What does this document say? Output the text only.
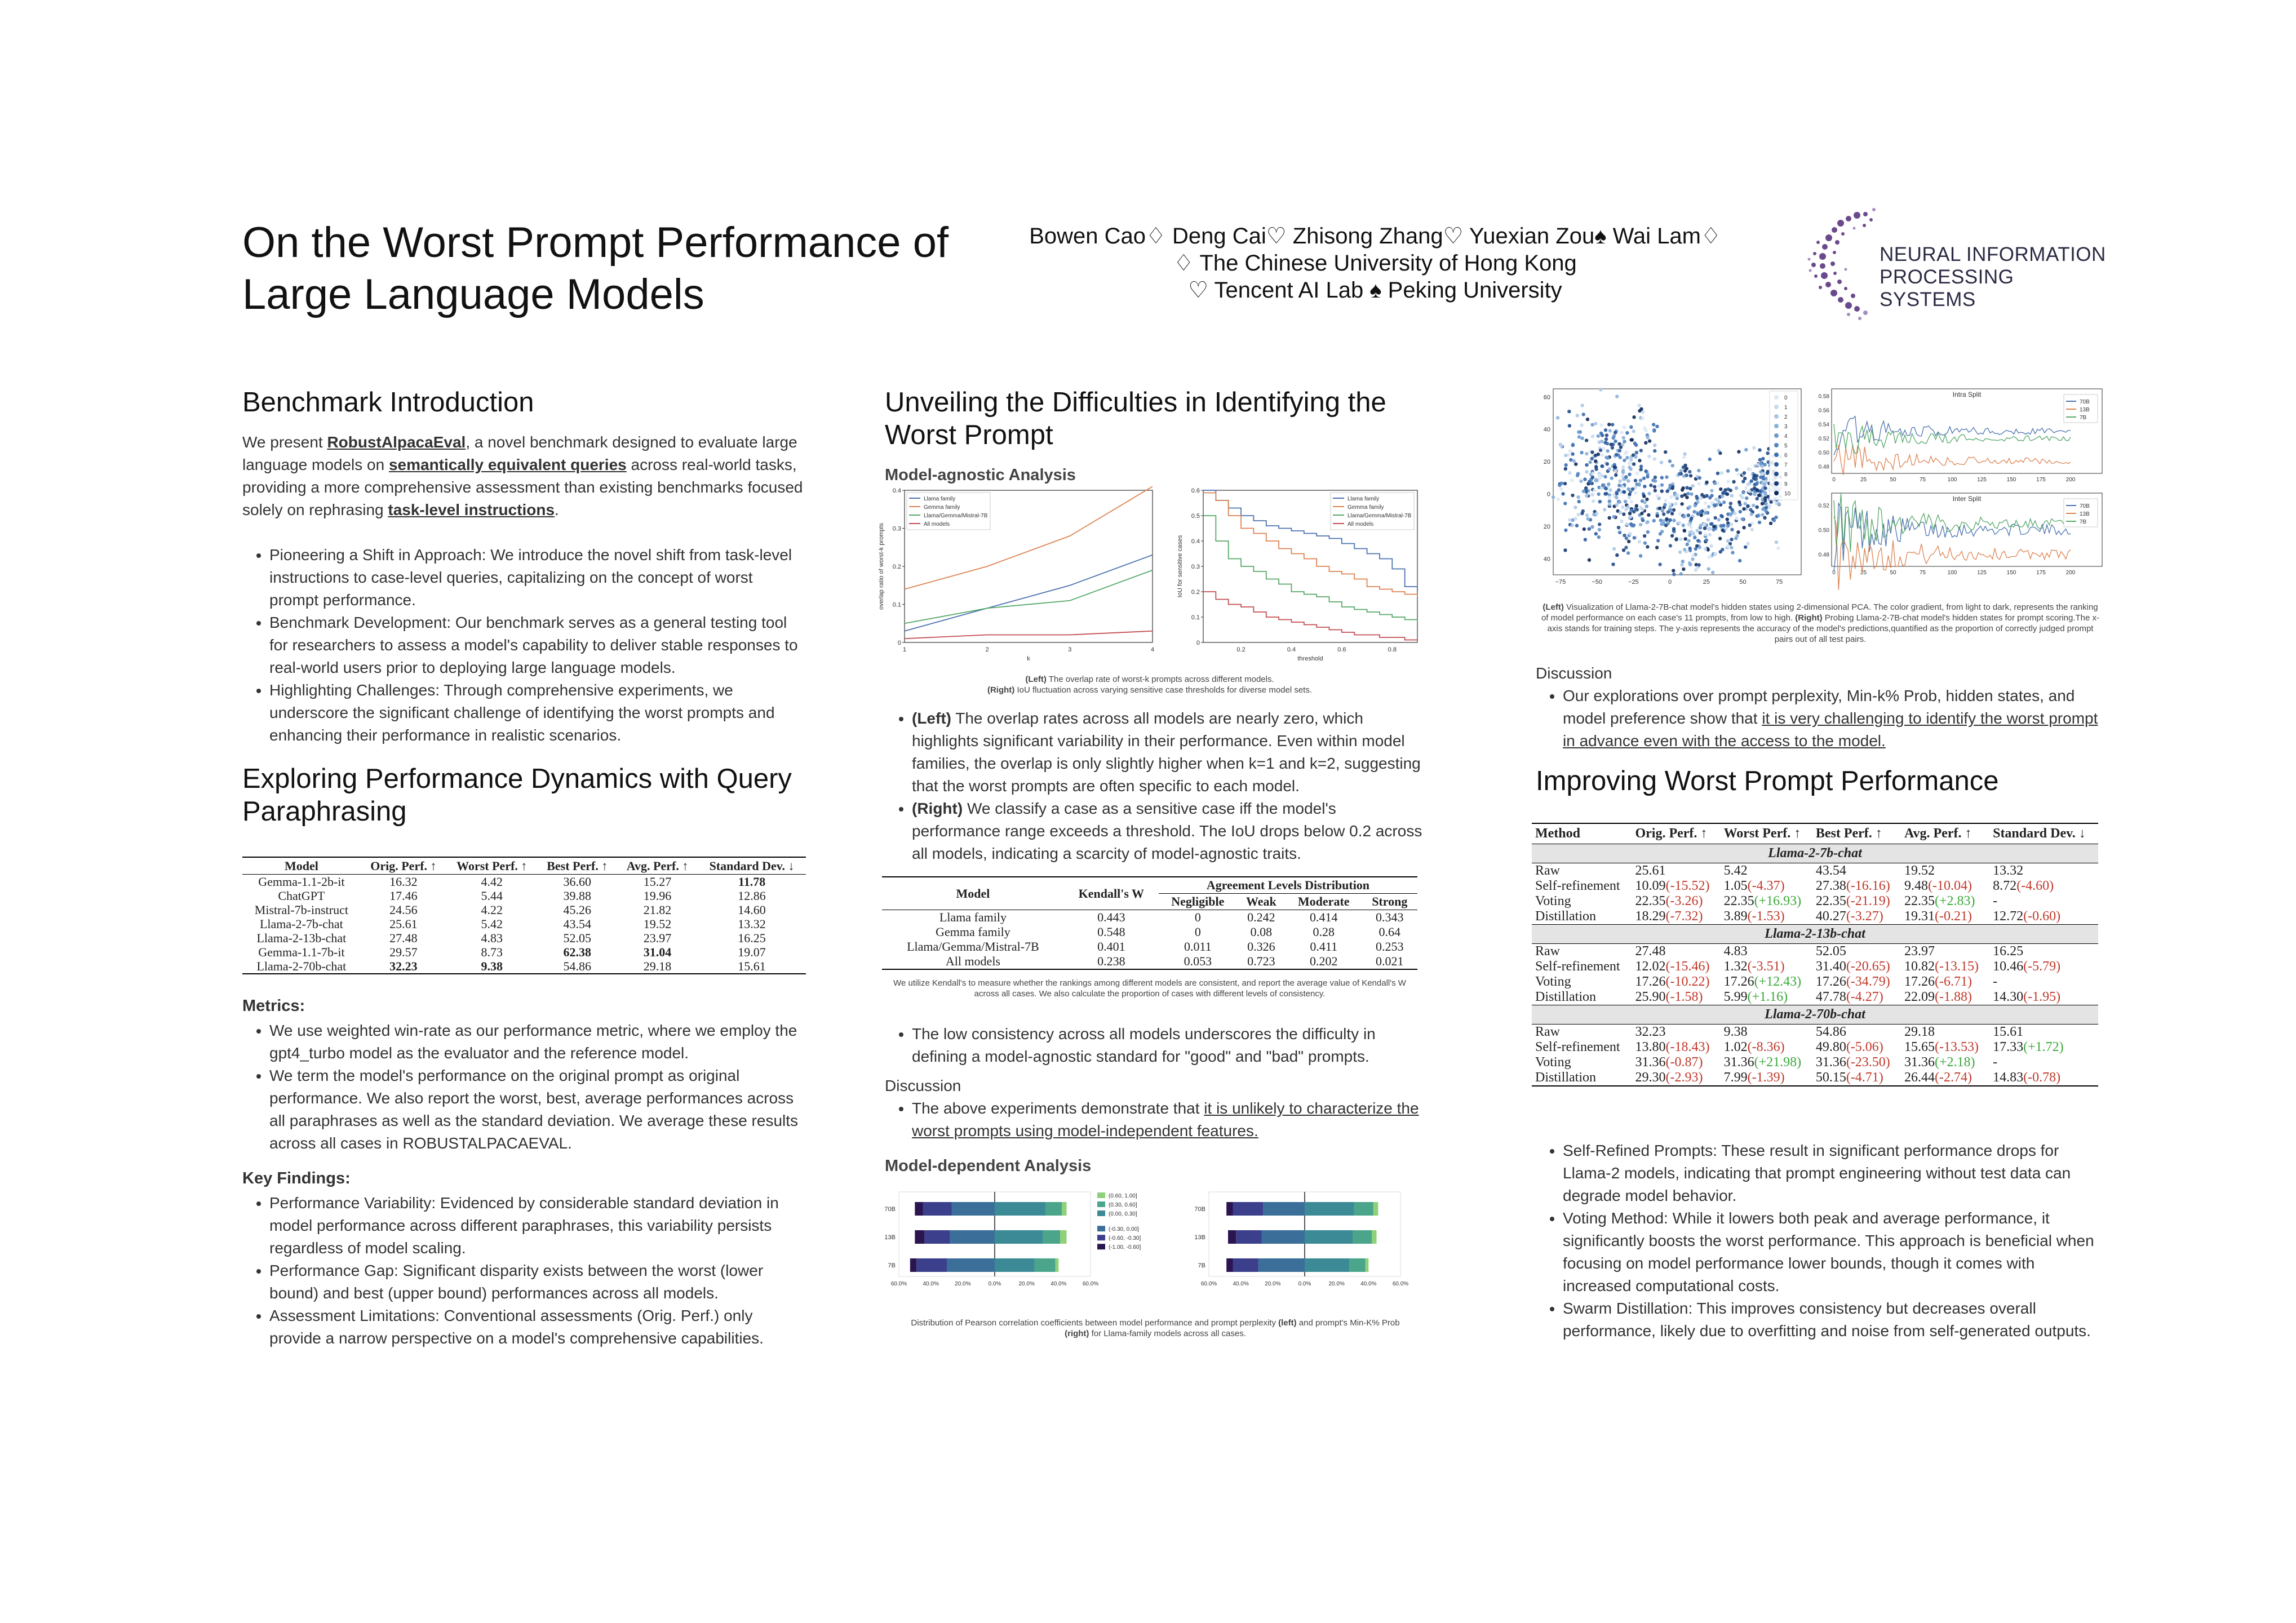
On the Worst Prompt Performance of
Large Language Models
Bowen Cao♢ Deng Cai♡ Zhisong Zhang♡ Yuexian Zou♠ Wai Lam♢
♢ The Chinese University of Hong Kong
♡ Tencent AI Lab ♠ Peking University
NEURAL INFORMATION
PROCESSING SYSTEMS
Benchmark Introduction

We present RobustAlpacaEval, a novel benchmark designed to evaluate large language models on semantically equivalent queries across real-world tasks, providing a more comprehensive assessment than existing benchmarks focused solely on rephrasing task-level instructions.

• Pioneering a Shift in Approach: We introduce the novel shift from task-level instructions to case-level queries, capitalizing on the concept of worst prompt performance.
• Benchmark Development: Our benchmark serves as a general testing tool for researchers to assess a model's capability to deliver stable responses to real-world users prior to deploying large language models.
• Highlighting Challenges: Through comprehensive experiments, we underscore the significant challenge of identifying the worst prompts and enhancing their performance in realistic scenarios.
Exploring Performance Dynamics with Query Paraphrasing
Model	Orig. Perf. ↑	Worst Perf. ↑	Best Perf. ↑	Avg. Perf. ↑	Standard Dev. ↓
Gemma-1.1-2b-it	16.32	4.42	36.60	15.27	11.78
ChatGPT	17.46	5.44	39.88	19.96	12.86
Mistral-7b-instruct	24.56	4.22	45.26	21.82	14.60
Llama-2-7b-chat	25.61	5.42	43.54	19.52	13.32
Llama-2-13b-chat	27.48	4.83	52.05	23.97	16.25
Gemma-1.1-7b-it	29.57	8.73	62.38	31.04	19.07
Llama-2-70b-chat	32.23	9.38	54.86	29.18	15.61

Metrics:

• We use weighted win-rate as our performance metric, where we employ the gpt4_turbo model as the evaluator and the reference model.
• We term the model's performance on the original prompt as original performance. We also report the worst, best, average performances across all paraphrases as well as the standard deviation. We average these results across all cases in ROBUSTALPACAEVAL.

Key Findings:

• Performance Variability: Evidenced by considerable standard deviation in model performance across different paraphrases, this variability persists regardless of model scaling.
• Performance Gap: Significant disparity exists between the worst (lower bound) and best (upper bound) performances across all models.
• Assessment Limitations: Conventional assessments (Orig. Perf.) only provide a narrow perspective on a model's comprehensive capabilities.
Unveiling the Difficulties in Identifying the Worst Prompt

Model-agnostic Analysis

0
0.1
0.2
0.3
0.4
1	2	3	4
k
overlap ratio of worst-k prompts
Llama family
Gemma family
Llama/Gemma/Mistral-7B
All models
0
0.1
0.2
0.3
0.4
0.5
0.6
0.2	0.4	0.6	0.8
threshold
IoU for sensitive cases
Llama family
Gemma family
Llama/Gemma/Mistral-7B
All models
(Left) The overlap rate of worst-k prompts across different models.
(Right) IoU fluctuation across varying sensitive case thresholds for diverse model sets.
• (Left) The overlap rates across all models are nearly zero, which highlights significant variability in their performance. Even within model families, the overlap is only slightly higher when k=1 and k=2, suggesting that the worst prompts are often specific to each model.
• (Right) We classify a case as a sensitive case iff the model's performance range exceeds a threshold. The IoU drops below 0.2 across all models, indicating a scarcity of model-agnostic traits.
Model	Kendall's W	Agreement Levels Distribution			
		Negligible	Weak	Moderate	Strong
Llama family	0.443	0	0.242	0.414	0.343
Gemma family	0.548	0	0.08	0.28	0.64
Llama/Gemma/Mistral-7B	0.401	0.011	0.326	0.411	0.253
All models	0.238	0.053	0.723	0.202	0.021
We utilize Kendall's to measure whether the rankings among different models are consistent, and report the average value of Kendall's W across all cases. We also calculate the proportion of cases with different levels of consistency.
• The low consistency across all models underscores the difficulty in defining a model-agnostic standard for "good" and "bad" prompts.

Discussion

• The above experiments demonstrate that it is unlikely to characterize the worst prompts using model-independent features.

Model-dependent Analysis

70B
13B
7B
60.0%	40.0%	20.0%	0.0%	20.0%	40.0%	60.0%
(0.60, 1.00]
(0.30, 0.60]
(0.00, 0.30]
(-0.30, 0.00]
(-0.60, -0.30]
(-1.00, -0.60]
70B
13B
7B
60.0%	40.0%	20.0%	0.0%	20.0%	40.0%	60.0%
Distribution of Pearson correlation coefficients between model performance and prompt perplexity (left) and prompt's Min-K% Prob (right) for Llama-family models across all cases.
−75	−50	−25	0	25	50	75
60
40
20
0
20
40
0
1
2
3
4
5
6
7
8
9
10
Intra Split
0.58
0.56
0.54
0.52
0.50
0.48
0	25	50	75	100	125	150	175	200
70B
13B
7B
Inter Split
0.52
0.50
0.48
0	25	50	75	100	125	150	175	200
70B
13B
7B
(Left) Visualization of Llama-2-7B-chat model's hidden states using 2-dimensional PCA. The color gradient, from light to dark, represents the ranking of model performance on each case's 11 prompts, from low to high. (Right) Probing Llama-2-7B-chat model's hidden states for prompt scoring.The x-axis stands for training steps. The y-axis represents the accuracy of the model's predictions,quantified as the proportion of correctly judged prompt pairs out of all test pairs.

Discussion

• Our explorations over prompt perplexity, Min-k% Prob, hidden states, and model preference show that it is very challenging to identify the worst prompt in advance even with the access to the model.
Improving Worst Prompt Performance
Method	Orig. Perf. ↑	Worst Perf. ↑	Best Perf. ↑	Avg. Perf. ↑	Standard Dev. ↓
Llama-2-7b-chat					
Raw	25.61	5.42	43.54	19.52	13.32
Self-refinement	10.09(-15.52)	1.05(-4.37)	27.38(-16.16)	9.48(-10.04)	8.72(-4.60)
Voting	22.35(-3.26)	22.35(+16.93)	22.35(-21.19)	22.35(+2.83)	-
Distillation	18.29(-7.32)	3.89(-1.53)	40.27(-3.27)	19.31(-0.21)	12.72(-0.60)
Llama-2-13b-chat					
Raw	27.48	4.83	52.05	23.97	16.25
Self-refinement	12.02(-15.46)	1.32(-3.51)	31.40(-20.65)	10.82(-13.15)	10.46(-5.79)
Voting	17.26(-10.22)	17.26(+12.43)	17.26(-34.79)	17.26(-6.71)	-
Distillation	25.90(-1.58)	5.99(+1.16)	47.78(-4.27)	22.09(-1.88)	14.30(-1.95)
Llama-2-70b-chat					
Raw	32.23	9.38	54.86	29.18	15.61
Self-refinement	13.80(-18.43)	1.02(-8.36)	49.80(-5.06)	15.65(-13.53)	17.33(+1.72)
Voting	31.36(-0.87)	31.36(+21.98)	31.36(-23.50)	31.36(+2.18)	-
Distillation	29.30(-2.93)	7.99(-1.39)	50.15(-4.71)	26.44(-2.74)	14.83(-0.78)
• Self-Refined Prompts: These result in significant performance drops for Llama-2 models, indicating that prompt engineering without test data can degrade model behavior.
• Voting Method: While it lowers both peak and average performance, it significantly boosts the worst performance. This approach is beneficial when focusing on model performance lower bounds, though it comes with increased computational costs.
• Swarm Distillation: This improves consistency but decreases overall performance, likely due to overfitting and noise from self-generated outputs.
